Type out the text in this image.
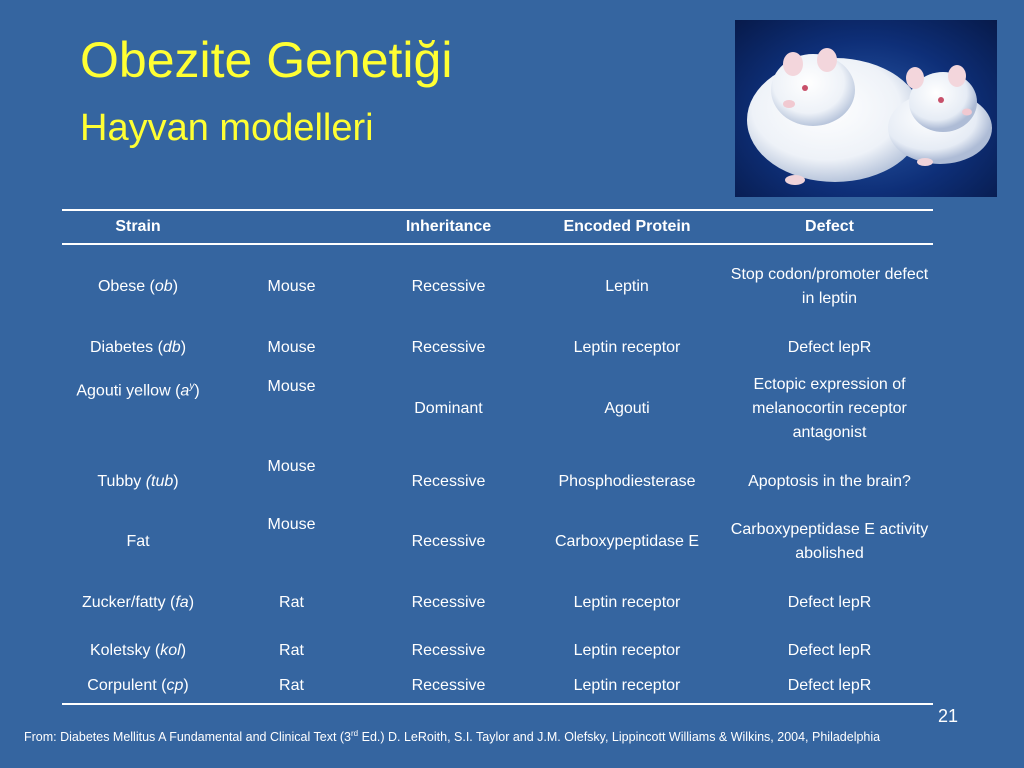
Obezite Genetiği
Hayvan modelleri
Strain		Inheritance	Encoded Protein	Defect
Obese (ob)	Mouse	Recessive	Leptin	Stop codon/promoter defect in leptin
Diabetes (db)	Mouse	Recessive	Leptin receptor	Defect lepR
Agouti yellow $(a^y)$	Mouse	Dominant	Agouti	Ectopic expression of melanocortin receptor antagonist
Tubby (tub)	Mouse	Recessive	Phosphodiesterase	Apoptosis in the brain?
Fat	Mouse	Recessive	Carboxypeptidase E	Carboxypeptidase E activity abolished
Zucker/fatty (fa)	Rat	Recessive	Leptin receptor	Defect lepR
Koletsky (kol)	Rat	Recessive	Leptin receptor	Defect lepR
Corpulent (cp)	Rat	Recessive	Leptin receptor	Defect lepR
21
From: Diabetes Mellitus A Fundamental and Clinical Text (3rd Ed.) D. LeRoith, S.I. Taylor and J.M. Olefsky, Lippincott Williams & Wilkins, 2004, Philadelphia
